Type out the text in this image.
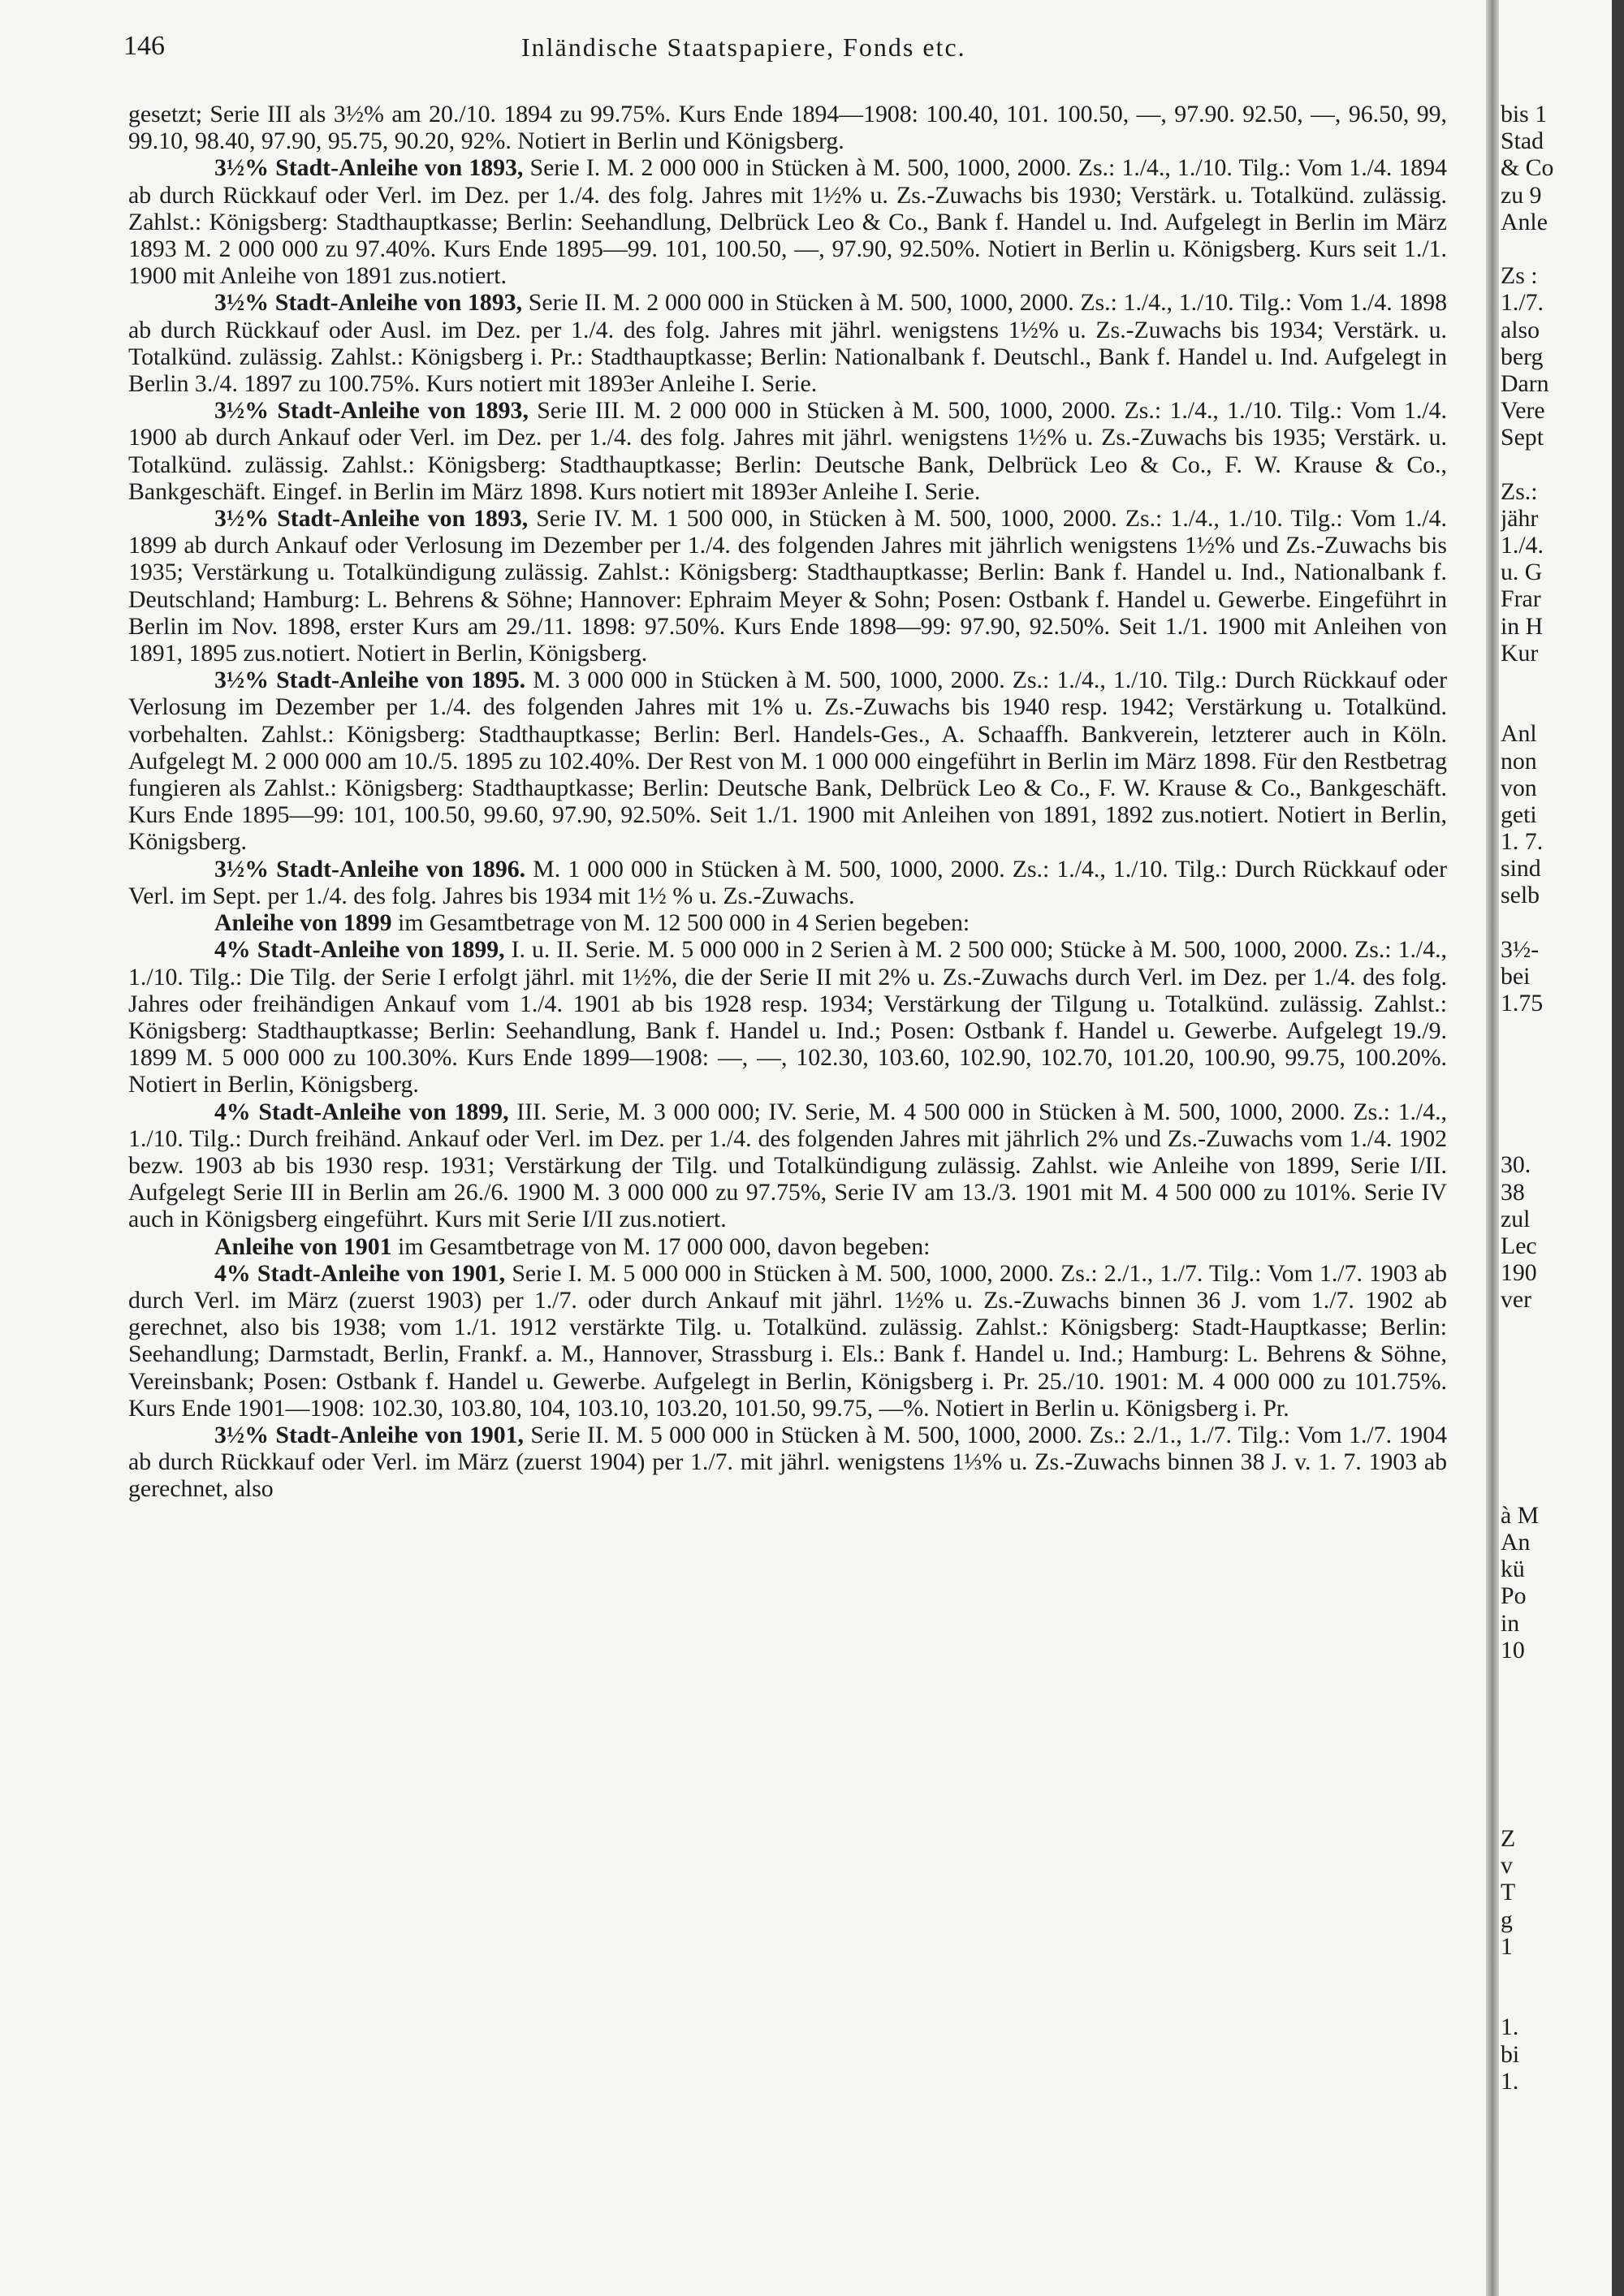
146	Inländische Staatspapiere, Fonds etc.

gesetzt; Serie III als 3½% am 20./10. 1894 zu 99.75%. Kurs Ende 1894—1908: 100.40, 101. 100.50, —, 97.90. 92.50, —, 96.50, 99, 99.10, 98.40, 97.90, 95.75, 90.20, 92%. Notiert in Berlin und Königsberg.

3½% Stadt-Anleihe von 1893, Serie I. M. 2 000 000 in Stücken à M. 500, 1000, 2000. Zs.: 1./4., 1./10. Tilg.: Vom 1./4. 1894 ab durch Rückkauf oder Verl. im Dez. per 1./4. des folg. Jahres mit 1½% u. Zs.-Zuwachs bis 1930; Verstärk. u. Totalkünd. zulässig. Zahlst.: Königsberg: Stadthauptkasse; Berlin: Seehandlung, Delbrück Leo & Co., Bank f. Handel u. Ind. Aufgelegt in Berlin im März 1893 M. 2 000 000 zu 97.40%. Kurs Ende 1895—99. 101, 100.50, —, 97.90, 92.50%. Notiert in Berlin u. Königsberg. Kurs seit 1./1. 1900 mit Anleihe von 1891 zus.notiert.

3½% Stadt-Anleihe von 1893, Serie II. M. 2 000 000 in Stücken à M. 500, 1000, 2000. Zs.: 1./4., 1./10. Tilg.: Vom 1./4. 1898 ab durch Rückkauf oder Ausl. im Dez. per 1./4. des folg. Jahres mit jährl. wenigstens 1½% u. Zs.-Zuwachs bis 1934; Verstärk. u. Totalkünd. zulässig. Zahlst.: Königsberg i. Pr.: Stadthauptkasse; Berlin: Nationalbank f. Deutschl., Bank f. Handel u. Ind. Aufgelegt in Berlin 3./4. 1897 zu 100.75%. Kurs notiert mit 1893er Anleihe I. Serie.

3½% Stadt-Anleihe von 1893, Serie III. M. 2 000 000 in Stücken à M. 500, 1000, 2000. Zs.: 1./4., 1./10. Tilg.: Vom 1./4. 1900 ab durch Ankauf oder Verl. im Dez. per 1./4. des folg. Jahres mit jährl. wenigstens 1½% u. Zs.-Zuwachs bis 1935; Verstärk. u. Totalkünd. zulässig. Zahlst.: Königsberg: Stadthauptkasse; Berlin: Deutsche Bank, Delbrück Leo & Co., F. W. Krause & Co., Bankgeschäft. Eingef. in Berlin im März 1898. Kurs notiert mit 1893er Anleihe I. Serie.

3½% Stadt-Anleihe von 1893, Serie IV. M. 1 500 000, in Stücken à M. 500, 1000, 2000. Zs.: 1./4., 1./10. Tilg.: Vom 1./4. 1899 ab durch Ankauf oder Verlosung im Dezember per 1./4. des folgenden Jahres mit jährlich wenigstens 1½% und Zs.-Zuwachs bis 1935; Verstärkung u. Totalkündigung zulässig. Zahlst.: Königsberg: Stadthauptkasse; Berlin: Bank f. Handel u. Ind., Nationalbank f. Deutschland; Hamburg: L. Behrens & Söhne; Hannover: Ephraim Meyer & Sohn; Posen: Ostbank f. Handel u. Gewerbe. Eingeführt in Berlin im Nov. 1898, erster Kurs am 29./11. 1898: 97.50%. Kurs Ende 1898—99: 97.90, 92.50%. Seit 1./1. 1900 mit Anleihen von 1891, 1895 zus.notiert. Notiert in Berlin, Königsberg.

3½% Stadt-Anleihe von 1895. M. 3 000 000 in Stücken à M. 500, 1000, 2000. Zs.: 1./4., 1./10. Tilg.: Durch Rückkauf oder Verlosung im Dezember per 1./4. des folgenden Jahres mit 1% u. Zs.-Zuwachs bis 1940 resp. 1942; Verstärkung u. Totalkünd. vorbehalten. Zahlst.: Königsberg: Stadthauptkasse; Berlin: Berl. Handels-Ges., A. Schaaffh. Bankverein, letzterer auch in Köln. Aufgelegt M. 2 000 000 am 10./5. 1895 zu 102.40%. Der Rest von M. 1 000 000 eingeführt in Berlin im März 1898. Für den Restbetrag fungieren als Zahlst.: Königsberg: Stadthauptkasse; Berlin: Deutsche Bank, Delbrück Leo & Co., F. W. Krause & Co., Bankgeschäft. Kurs Ende 1895—99: 101, 100.50, 99.60, 97.90, 92.50%. Seit 1./1. 1900 mit Anleihen von 1891, 1892 zus.notiert. Notiert in Berlin, Königsberg.

3½% Stadt-Anleihe von 1896. M. 1 000 000 in Stücken à M. 500, 1000, 2000. Zs.: 1./4., 1./10. Tilg.: Durch Rückkauf oder Verl. im Sept. per 1./4. des folg. Jahres bis 1934 mit 1½ % u. Zs.-Zuwachs.

Anleihe von 1899 im Gesamtbetrage von M. 12 500 000 in 4 Serien begeben:

4% Stadt-Anleihe von 1899, I. u. II. Serie. M. 5 000 000 in 2 Serien à M. 2 500 000; Stücke à M. 500, 1000, 2000. Zs.: 1./4., 1./10. Tilg.: Die Tilg. der Serie I erfolgt jährl. mit 1½%, die der Serie II mit 2% u. Zs.-Zuwachs durch Verl. im Dez. per 1./4. des folg. Jahres oder freihändigen Ankauf vom 1./4. 1901 ab bis 1928 resp. 1934; Verstärkung der Tilgung u. Totalkünd. zulässig. Zahlst.: Königsberg: Stadthauptkasse; Berlin: Seehandlung, Bank f. Handel u. Ind.; Posen: Ostbank f. Handel u. Gewerbe. Aufgelegt 19./9. 1899 M. 5 000 000 zu 100.30%. Kurs Ende 1899—1908: —, —, 102.30, 103.60, 102.90, 102.70, 101.20, 100.90, 99.75, 100.20%. Notiert in Berlin, Königsberg.

4% Stadt-Anleihe von 1899, III. Serie, M. 3 000 000; IV. Serie, M. 4 500 000 in Stücken à M. 500, 1000, 2000. Zs.: 1./4., 1./10. Tilg.: Durch freihänd. Ankauf oder Verl. im Dez. per 1./4. des folgenden Jahres mit jährlich 2% und Zs.-Zuwachs vom 1./4. 1902 bezw. 1903 ab bis 1930 resp. 1931; Verstärkung der Tilg. und Totalkündigung zulässig. Zahlst. wie Anleihe von 1899, Serie I/II. Aufgelegt Serie III in Berlin am 26./6. 1900 M. 3 000 000 zu 97.75%, Serie IV am 13./3. 1901 mit M. 4 500 000 zu 101%. Serie IV auch in Königsberg eingeführt. Kurs mit Serie I/II zus.notiert.

Anleihe von 1901 im Gesamtbetrage von M. 17 000 000, davon begeben:

4% Stadt-Anleihe von 1901, Serie I. M. 5 000 000 in Stücken à M. 500, 1000, 2000. Zs.: 2./1., 1./7. Tilg.: Vom 1./7. 1903 ab durch Verl. im März (zuerst 1903) per 1./7. oder durch Ankauf mit jährl. 1½% u. Zs.-Zuwachs binnen 36 J. vom 1./7. 1902 ab gerechnet, also bis 1938; vom 1./1. 1912 verstärkte Tilg. u. Totalkünd. zulässig. Zahlst.: Königsberg: Stadt-Hauptkasse; Berlin: Seehandlung; Darmstadt, Berlin, Frankf. a. M., Hannover, Strassburg i. Els.: Bank f. Handel u. Ind.; Hamburg: L. Behrens & Söhne, Vereinsbank; Posen: Ostbank f. Handel u. Gewerbe. Aufgelegt in Berlin, Königsberg i. Pr. 25./10. 1901: M. 4 000 000 zu 101.75%. Kurs Ende 1901—1908: 102.30, 103.80, 104, 103.10, 103.20, 101.50, 99.75, —%. Notiert in Berlin u. Königsberg i. Pr.

3½% Stadt-Anleihe von 1901, Serie II. M. 5 000 000 in Stücken à M. 500, 1000, 2000. Zs.: 2./1., 1./7. Tilg.: Vom 1./7. 1904 ab durch Rückkauf oder Verl. im März (zuerst 1904) per 1./7. mit jährl. wenigstens 1⅓% u. Zs.-Zuwachs binnen 38 J. v. 1. 7. 1903 ab gerechnet, also

bis 1
Stad
& Co
zu 9
Anle
Zs :
1./7.
also
berg
Darn
Vere
Sept
Zs.:
jähr
1./4.
u. G
Frar
in H
Kur
Anl
non
von
geti
1. 7.
sind
selb
3½-
bei
1.75
30.
38
zul
Lec
190
ver
à M
An
kü
Po
in
10
Z
v
T
g
1
1.
bi
1.
